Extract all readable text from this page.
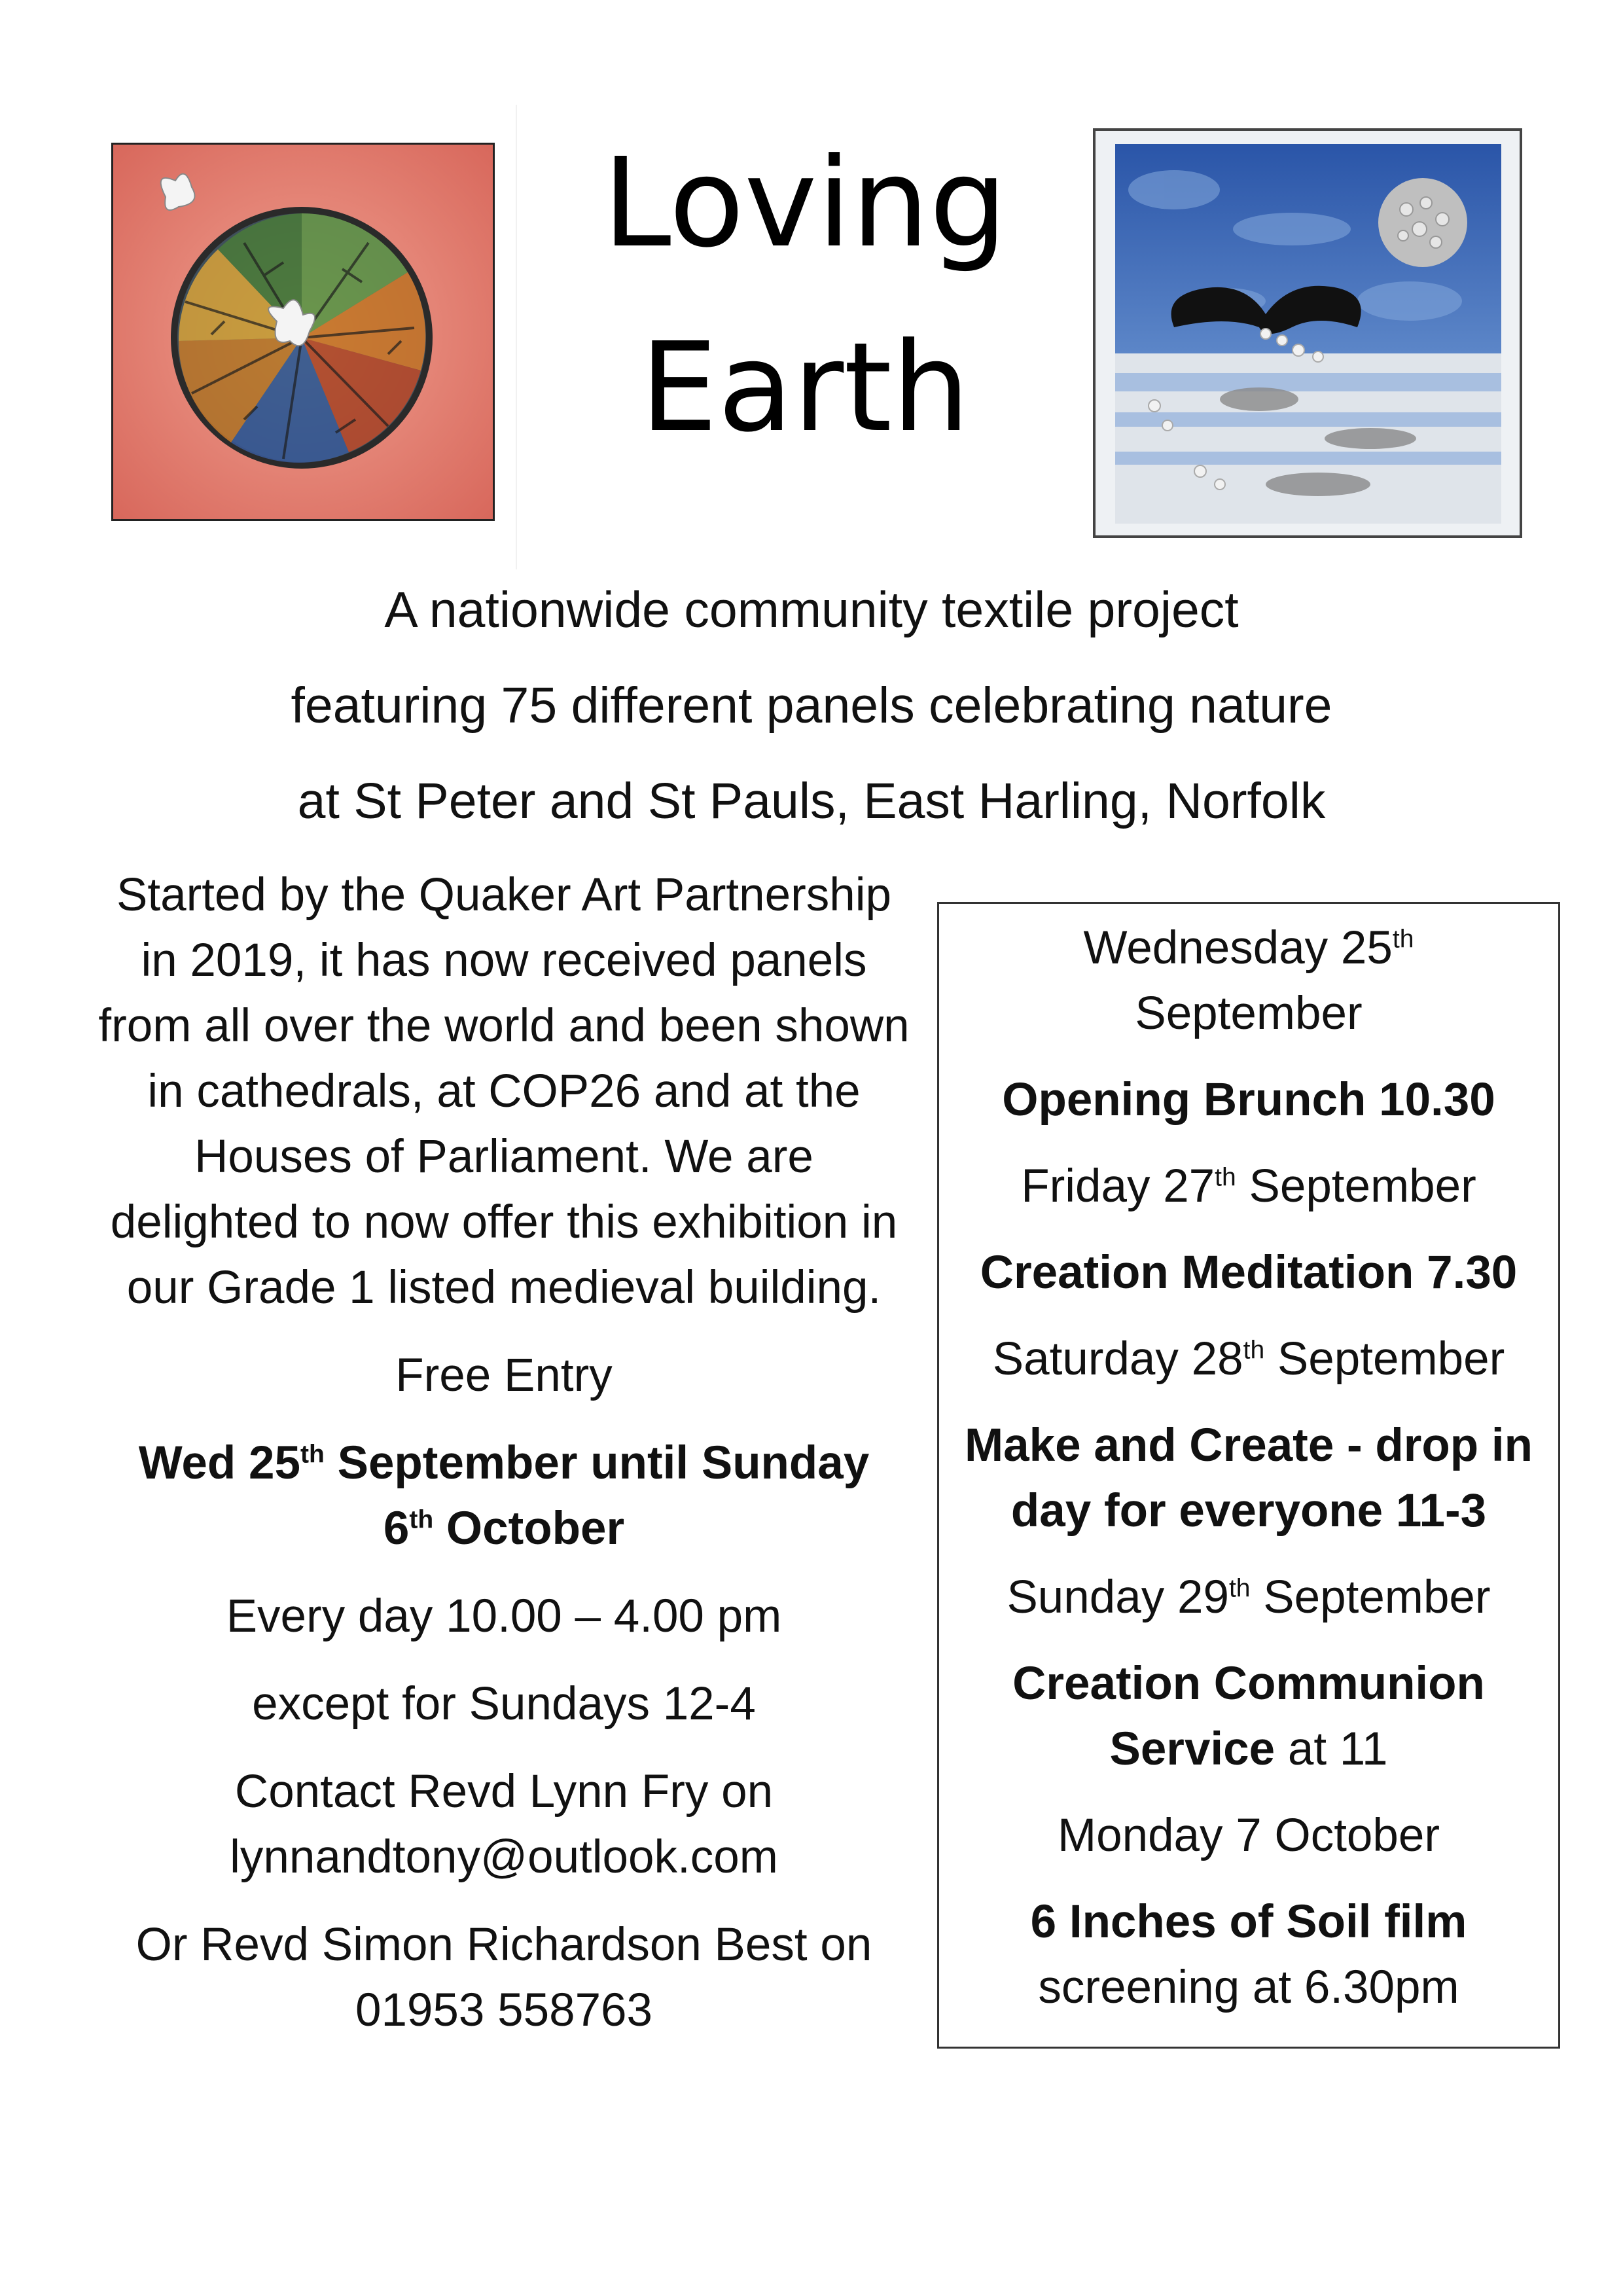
Loving
Earth
A nationwide community textile project
featuring 75 different panels celebrating nature
at St Peter and St Pauls, East Harling, Norfolk

Started by the Quaker Art Partnership in 2019, it has now received panels from all over the world and been shown in cathedrals, at COP26 and at the Houses of Parliament. We are delighted to now offer this exhibition in our Grade 1 listed medieval building.

Free Entry

Wed 25th September until Sunday
6th October

Every day 10.00 – 4.00 pm

except for Sundays 12-4

Contact Revd Lynn Fry on
lynnandtony@outlook.com

Or Revd Simon Richardson Best on
01953 558763

Wednesday 25th
September

Opening Brunch 10.30

Friday 27th September

Creation Meditation 7.30

Saturday 28th September

Make and Create - drop in day for everyone 11-3

Sunday 29th September

Creation Communion Service at 11

Monday 7 October

6 Inches of Soil film
screening at 6.30pm
